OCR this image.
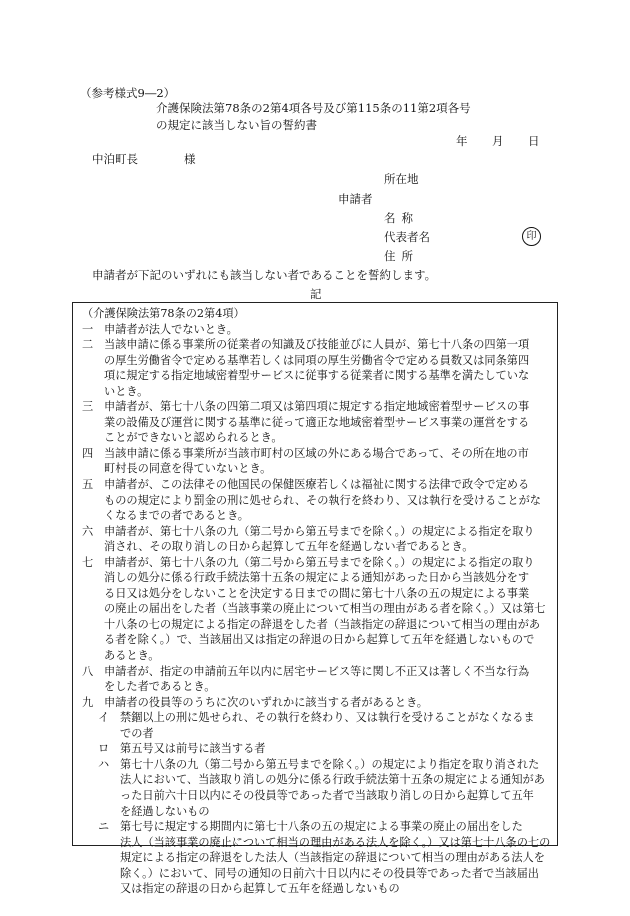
（参考様式9―2）
介護保険法第78条の2第4項各号及び第115条の11第2項各号
の規定に該当しない旨の誓約書
年 月 日
中泊町長	様
所在地
申請者
名称
代表者名	印
住所
申請者が下記のいずれにも該当しない者であることを誓約します。
記
（介護保険法第78条の2第4項）
一 申請者が法人でないとき。
二 当該申請に係る事業所の従業者の知識及び技能並びに人員が、第七十八条の四第一項
の厚生労働省令で定める基準若しくは同項の厚生労働省令で定める員数又は同条第四
項に規定する指定地域密着型サービスに従事する従業者に関する基準を満たしていな
いとき。
三 申請者が、第七十八条の四第二項又は第四項に規定する指定地域密着型サービスの事
業の設備及び運営に関する基準に従って適正な地域密着型サービス事業の運営をする
ことができないと認められるとき。
四 当該申請に係る事業所が当該市町村の区域の外にある場合であって、その所在地の市
町村長の同意を得ていないとき。
五 申請者が、この法律その他国民の保健医療若しくは福祉に関する法律で政令で定める
ものの規定により罰金の刑に処せられ、その執行を終わり、又は執行を受けることがな
くなるまでの者であるとき。
六 申請者が、第七十八条の九（第二号から第五号までを除く。）の規定による指定を取り
消され、その取り消しの日から起算して五年を経過しない者であるとき。
七 申請者が、第七十八条の九（第二号から第五号までを除く。）の規定による指定の取り
消しの処分に係る行政手続法第十五条の規定による通知があった日から当該処分をす
る日又は処分をしないことを決定する日までの間に第七十八条の五の規定による事業
の廃止の届出をした者（当該事業の廃止について相当の理由がある者を除く。）又は第七
十八条の七の規定による指定の辞退をした者（当該指定の辞退について相当の理由があ
る者を除く。）で、当該届出又は指定の辞退の日から起算して五年を経過しないもので
あるとき。
八 申請者が、指定の申請前五年以内に居宅サービス等に関し不正又は著しく不当な行為
をした者であるとき。
九 申請者の役員等のうちに次のいずれかに該当する者があるとき。
イ 禁錮以上の刑に処せられ、その執行を終わり、又は執行を受けることがなくなるま
での者
ロ 第五号又は前号に該当する者
ハ 第七十八条の九（第二号から第五号までを除く。）の規定により指定を取り消された
法人において、当該取り消しの処分に係る行政手続法第十五条の規定による通知があ
った日前六十日以内にその役員等であった者で当該取り消しの日から起算して五年
を経過しないもの
ニ 第七号に規定する期間内に第七十八条の五の規定による事業の廃止の届出をした
法人（当該事業の廃止について相当の理由がある法人を除く。）又は第七十八条の七の
規定による指定の辞退をした法人（当該指定の辞退について相当の理由がある法人を
除く。）において、同号の通知の日前六十日以内にその役員等であった者で当該届出
又は指定の辞退の日から起算して五年を経過しないもの
